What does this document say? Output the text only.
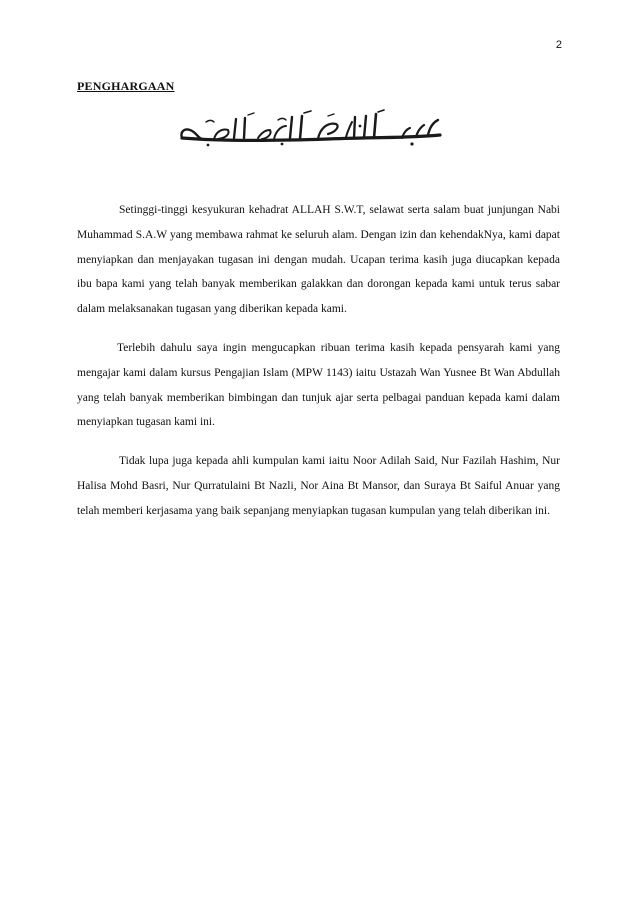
2
PENGHARGAAN

Setinggi-tinggi kesyukuran kehadrat ALLAH S.W.T, selawat serta salam buat junjungan Nabi Muhammad S.A.W yang membawa rahmat ke seluruh alam. Dengan izin dan kehendakNya, kami dapat menyiapkan dan menjayakan tugasan ini dengan mudah. Ucapan terima kasih juga diucapkan kepada ibu bapa kami yang telah banyak memberikan galakkan dan dorongan kepada kami untuk terus sabar dalam melaksanakan tugasan yang diberikan kepada kami.

Terlebih dahulu saya ingin mengucapkan ribuan terima kasih kepada pensyarah kami yang mengajar kami dalam kursus Pengajian Islam (MPW 1143) iaitu Ustazah Wan Yusnee Bt Wan Abdullah yang telah banyak memberikan bimbingan dan tunjuk ajar serta pelbagai panduan kepada kami dalam menyiapkan tugasan kami ini.

Tidak lupa juga kepada ahli kumpulan kami iaitu Noor Adilah Said, Nur Fazilah Hashim, Nur Halisa Mohd Basri, Nur Qurratulaini Bt Nazli, Nor Aina Bt Mansor, dan Suraya Bt Saiful Anuar yang telah memberi kerjasama yang baik sepanjang menyiapkan tugasan kumpulan yang telah diberikan ini.
